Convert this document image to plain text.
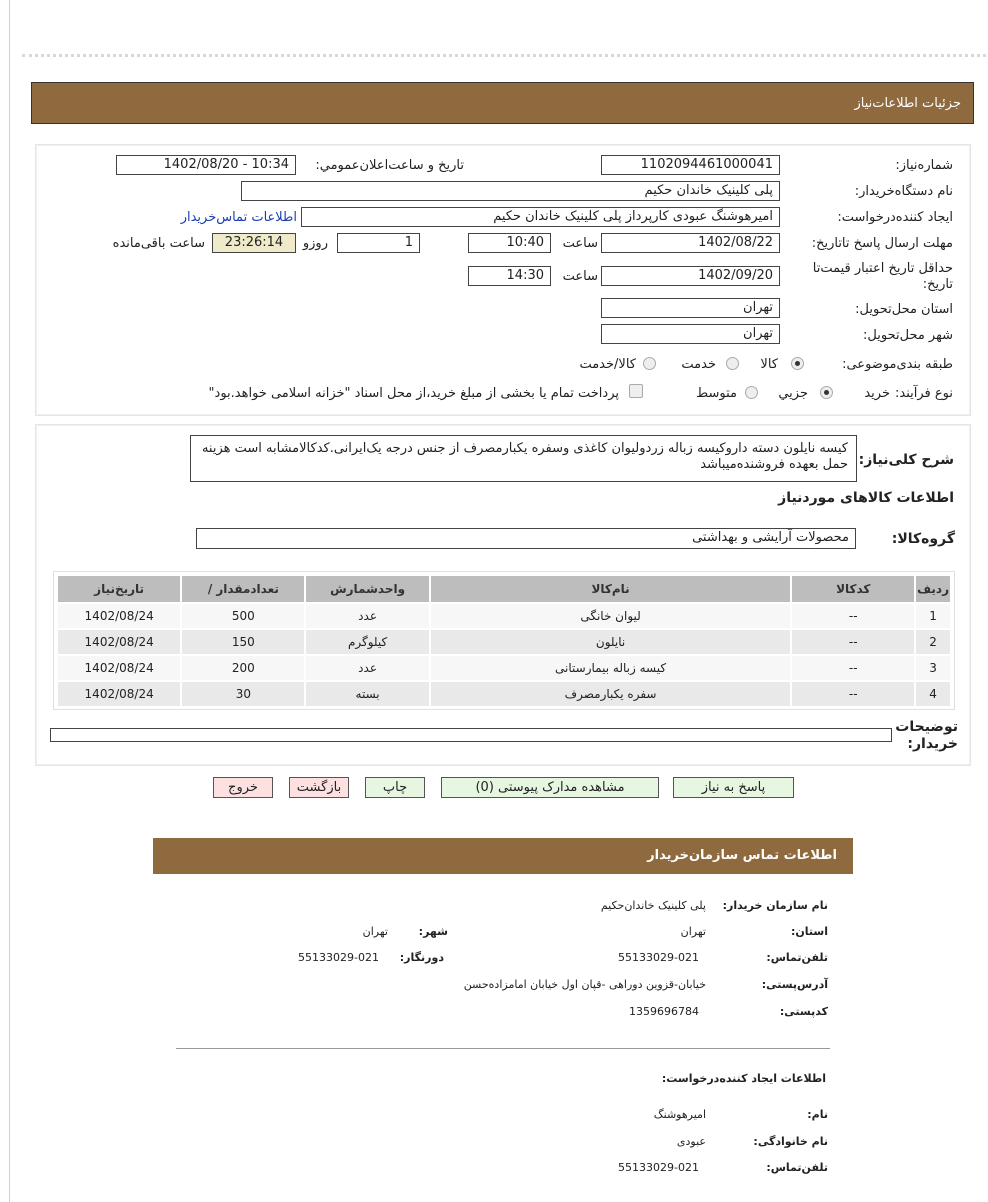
جزئیات اطلاعات‌نیاز
شماره‌نیاز:
1102094461000041
تاریخ و ساعت‌اعلان‌عمومي:
1402/08/20 - 10:34
نام دستگاه‌خریدار:
پلی کلینیک خاندان حکیم
ایجاد کننده‌درخواست:
امیرهوشنگ عبودی کارپرداز پلی کلینیک خاندان حکیم
اطلاعات تماس‌خریدار
مهلت ارسال پاسخ تا‌تاریخ:
1402/08/22
ساعت
10:40
1
روزو
23:26:14
ساعت باقی‌مانده
حداقل تاریخ اعتبار قیمت‌تا تاریخ:
1402/09/20
ساعت
14:30
استان محل‌تحویل:
تهران
شهر محل‌تحویل:
تهران
طبقه بندی‌موضوعی:
کالا
خدمت
کالا‌/خدمت
نوع فرآیند:
خرید
جزیي
متوسط
پرداخت تمام یا بخشی از مبلغ خرید،از محل اسناد "خزانه اسلامی خواهد.بود"
شرح کلی‌نیاز:
کیسه نایلون دسته داروکیسه زباله زردولیوان کاغذی وسفره یکبارمصرف از جنس درجه یک‌ایرانی.کدکالامشابه است هزینه حمل بعهده فروشنده‌میباشد
اطلاعات کالاهای مورد‌نیاز
گروه‌کالا:
محصولات آرایشی و بهداشتی
ردیف	کدکالا	نام‌کالا	واحدشمارش	تعداد‌مقدار /	تاریخ‌نیاز
1	--	لیوان خانگی	عدد	500	1402/08/24
2	--	نایلون	کیلوگرم	150	1402/08/24
3	--	کیسه زباله بیمارستانی	عدد	200	1402/08/24
4	--	سفره یکبارمصرف	بسته	30	1402/08/24
توضیحات خریدار:
پاسخ به نیاز
مشاهده مدارک پیوستی (0)
چاپ
بازگشت
خروج
اطلاعات تماس سازمان‌خریدار
نام سازمان خریدار:
پلی کلینیک خاندان‌حکیم
استان:
تهران
شهر:
تهران
تلفن‌تماس:
55133029-021
دورنگار:
55133029-021
آدرس‌پستی:
خیابان-قزوین دوراهی -قپان اول خیابان امامزاده‌حسن
کد‌پستی:
1359696784
اطلاعات ایجاد کننده‌درخواست:
نام:
امیرهوشنگ
نام خانوادگی:
عبودی
تلفن‌تماس:
55133029-021
